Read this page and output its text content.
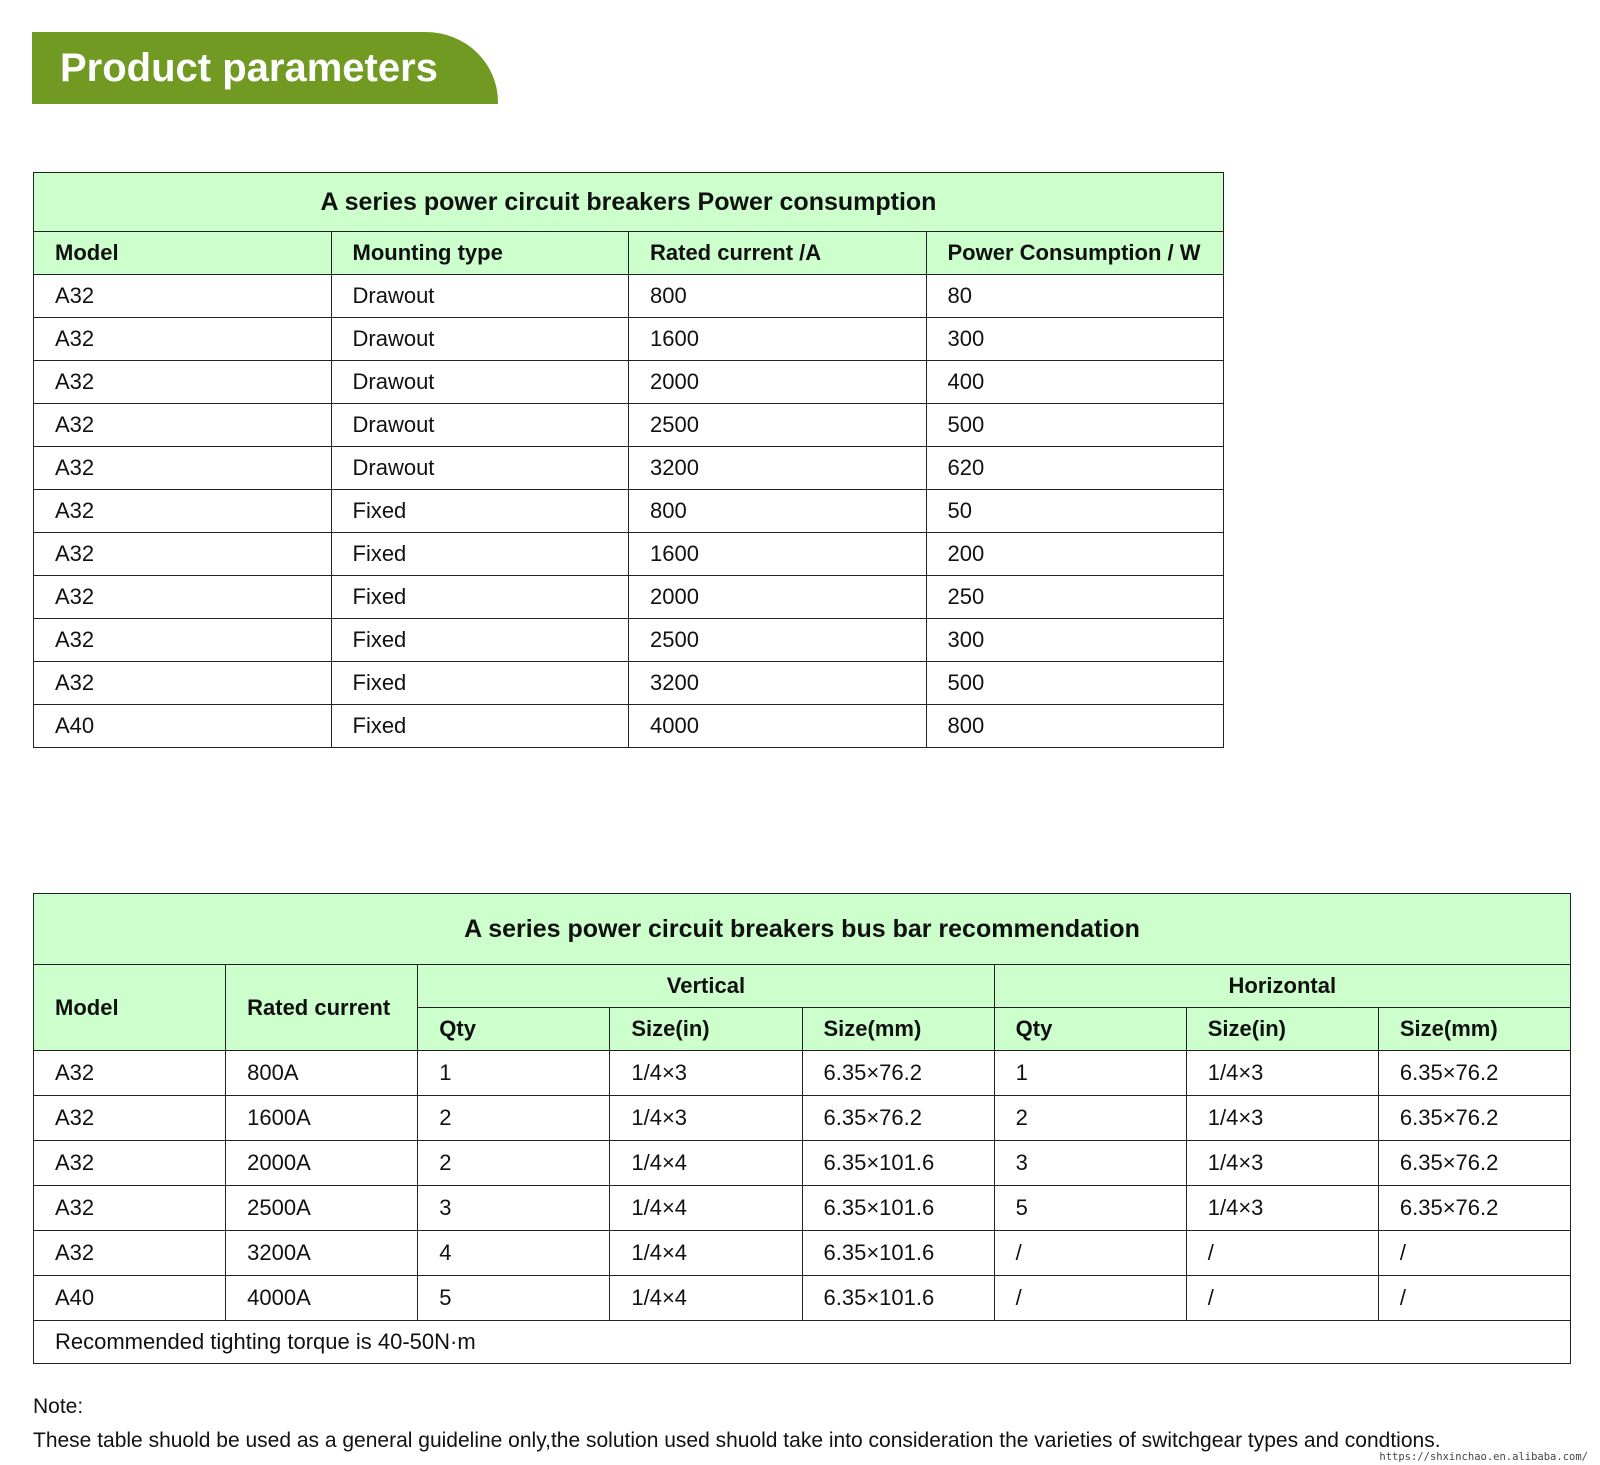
Product parameters
A series power circuit breakers Power consumption			
Model	Mounting type	Rated current /A	Power Consumption / W
A32	Drawout	800	80
A32	Drawout	1600	300
A32	Drawout	2000	400
A32	Drawout	2500	500
A32	Drawout	3200	620
A32	Fixed	800	50
A32	Fixed	1600	200
A32	Fixed	2000	250
A32	Fixed	2500	300
A32	Fixed	3200	500
A40	Fixed	4000	800
A series power circuit breakers bus bar recommendation							
Model	Rated current	Vertical			Horizontal		
		Qty	Size(in)	Size(mm)	Qty	Size(in)	Size(mm)
A32	800A	1	1/4×3	6.35×76.2	1	1/4×3	6.35×76.2
A32	1600A	2	1/4×3	6.35×76.2	2	1/4×3	6.35×76.2
A32	2000A	2	1/4×4	6.35×101.6	3	1/4×3	6.35×76.2
A32	2500A	3	1/4×4	6.35×101.6	5	1/4×3	6.35×76.2
A32	3200A	4	1/4×4	6.35×101.6	/	/	/
A40	4000A	5	1/4×4	6.35×101.6	/	/	/
Recommended tighting torque is 40-50N·m							
Note:
These table shuold be used as a general guideline only,the solution used shuold take into consideration the varieties of switchgear types and condtions.
https://shxinchao.en.alibaba.com/
